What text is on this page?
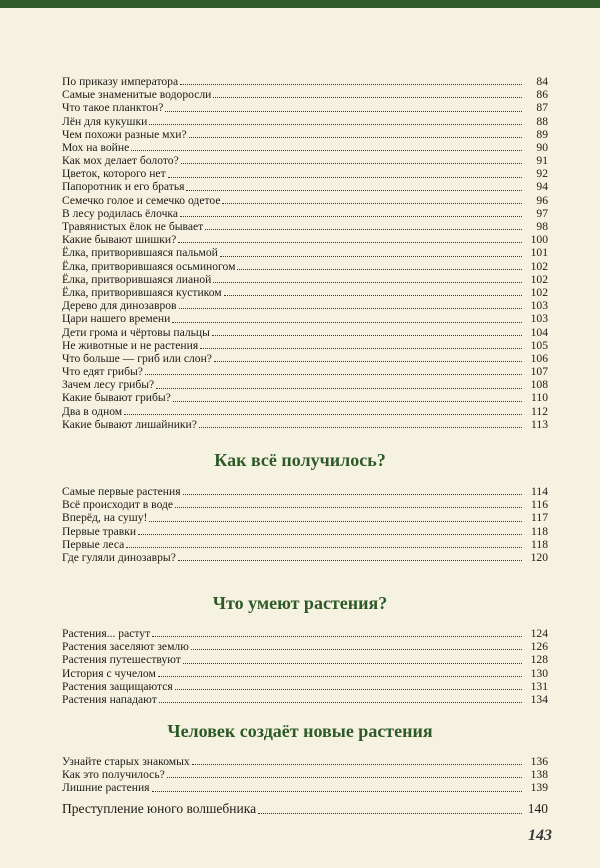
По приказу императора	84
Самые знаменитые водоросли	86
Что такое планктон?	87
Лён для кукушки	88
Чем похожи разные мхи?	89
Мох на войне	90
Как мох делает болото?	91
Цветок, которого нет	92
Папоротник и его братья	94
Семечко голое и семечко одетое	96
В лесу родилась ёлочка	97
Травянистых ёлок не бывает	98
Какие бывают шишки?	100
Ёлка, притворившаяся пальмой	101
Ёлка, притворившаяся осьминогом	102
Ёлка, притворившаяся лианой	102
Ёлка, притворившаяся кустиком	102
Дерево для динозавров	103
Цари нашего времени	103
Дети грома и чёртовы пальцы	104
Не животные и не растения	105
Что больше — гриб или слон?	106
Что едят грибы?	107
Зачем лесу грибы?	108
Какие бывают грибы?	110
Два в одном	112
Какие бывают лишайники?	113
Как всё получилось?
Самые первые растения	114
Всё происходит в воде	116
Вперёд, на сушу!	117
Первые травки	118
Первые леса	118
Где гуляли динозавры?	120
Что умеют растения?
Растения... растут	124
Растения заселяют землю	126
Растения путешествуют	128
История с чучелом	130
Растения защищаются	131
Растения нападают	134
Человек создаёт новые растения
Узнайте старых знакомых	136
Как это получилось?	138
Лишние растения	139
Преступление юного волшебника	140
143
